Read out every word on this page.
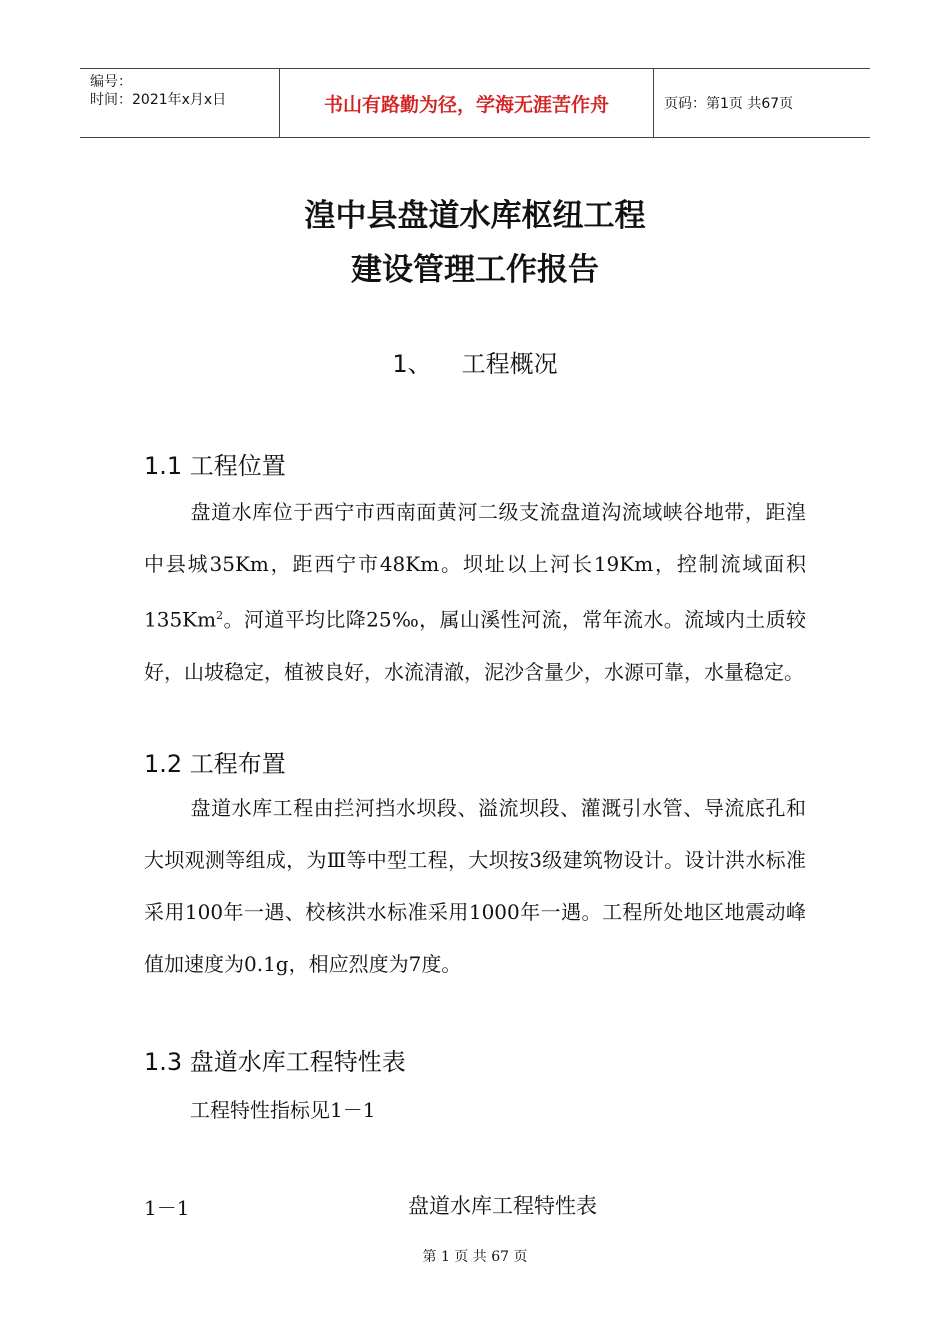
编号：
时间：2021年x月x日	书山有路勤为径，学海无涯苦作舟	页码：第1页 共67页
湟中县盘道水库枢纽工程
建设管理工作报告
1、 工程概况
1.1 工程位置

盘道水库位于西宁市西南面黄河二级支流盘道沟流域峡谷地带，距湟中县城35Km，距西宁市48Km。坝址以上河长19Km，控制流域面积135Km$^2$。河道平均比降25‰，属山溪性河流，常年流水。流域内土质较好，山坡稳定，植被良好，水流清澈，泥沙含量少，水源可靠，水量稳定。

1.2 工程布置

盘道水库工程由拦河挡水坝段、溢流坝段、灌溉引水管、导流底孔和大坝观测等组成，为Ⅲ等中型工程，大坝按3级建筑物设计。设计洪水标准采用100年一遇、校核洪水标准采用1000年一遇。工程所处地区地震动峰值加速度为0.1g，相应烈度为7度。

1.3 盘道水库工程特性表
工程特性指标见1－1
1－1	盘道水库工程特性表
第 1 页 共 67 页
